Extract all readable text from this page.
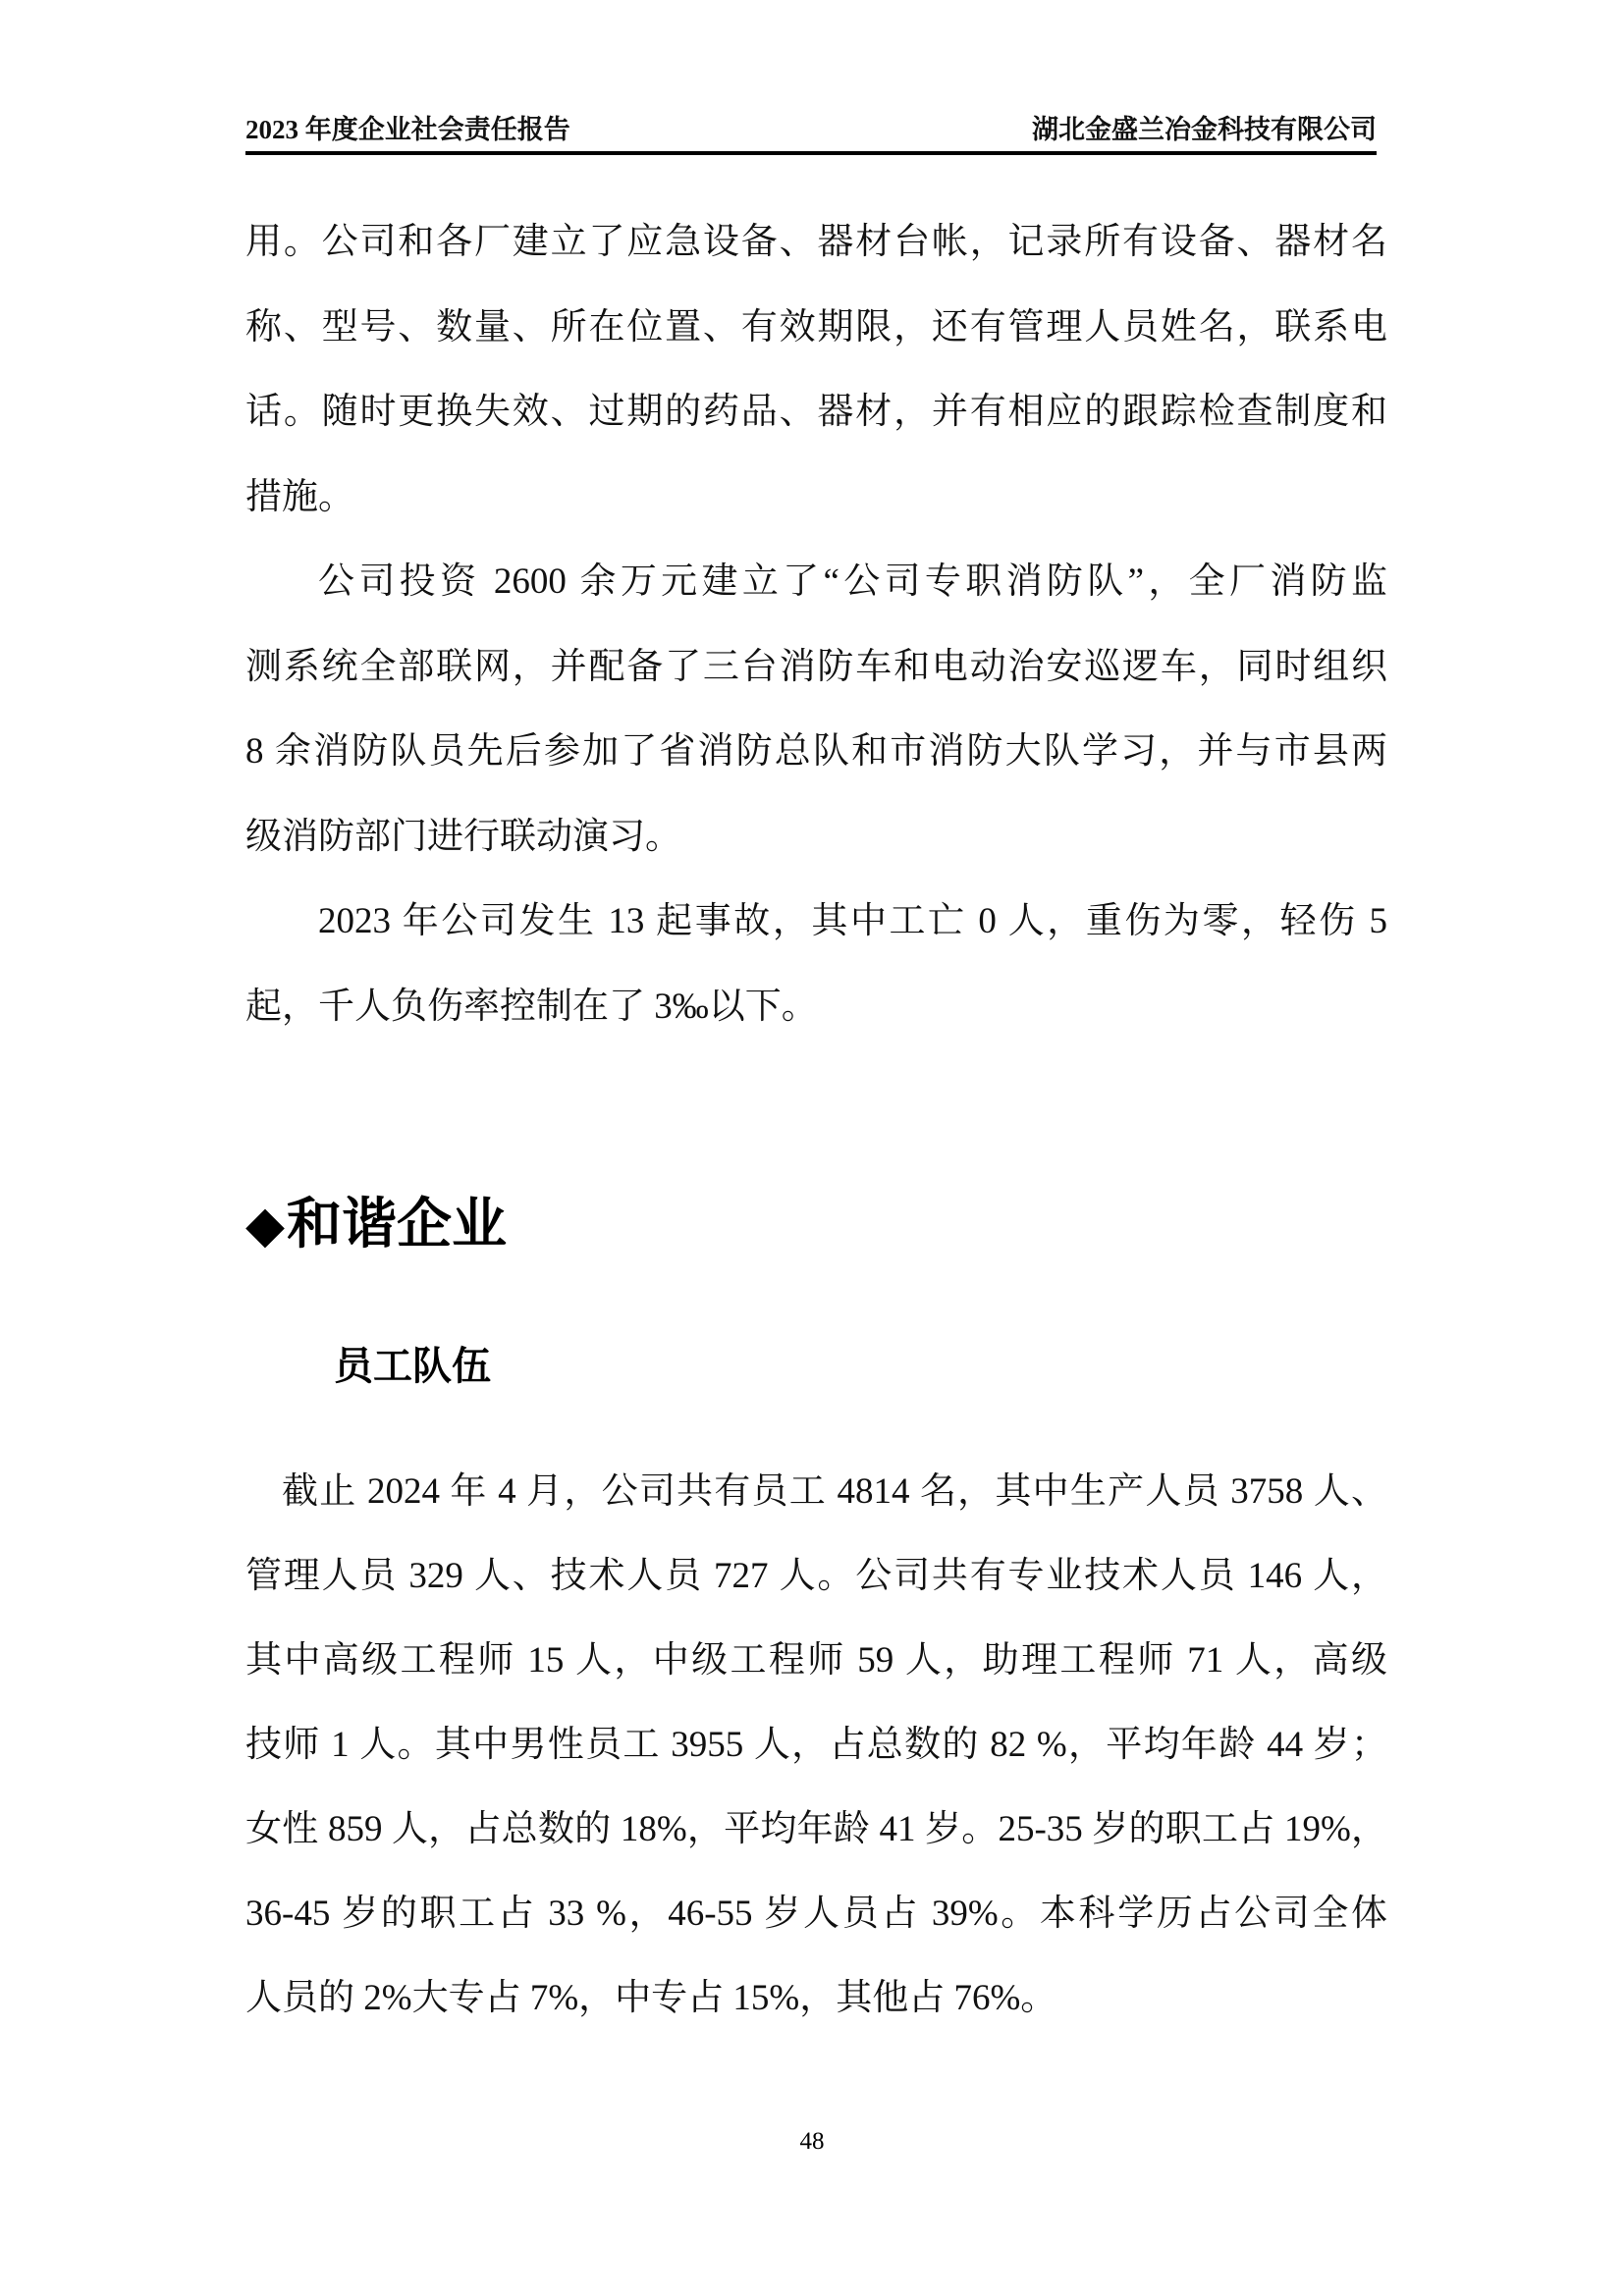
2023 年度企业社会责任报告	湖北金盛兰冶金科技有限公司
用。公司和各厂建立了应急设备、器材台帐，记录所有设备、器材名
称、型号、数量、所在位置、有效期限，还有管理人员姓名，联系电
话。随时更换失效、过期的药品、器材，并有相应的跟踪检查制度和
措施。
公司投资 2600 余万元建立了“公司专职消防队”，全厂消防监
测系统全部联网，并配备了三台消防车和电动治安巡逻车，同时组织
8 余消防队员先后参加了省消防总队和市消防大队学习，并与市县两
级消防部门进行联动演习。
2023 年公司发生 13 起事故，其中工亡 0 人，重伤为零，轻伤 5
起，千人负伤率控制在了 3‰以下。
◆和谐企业
员工队伍
截止 2024 年 4 月，公司共有员工 4814 名，其中生产人员 3758 人、
管理人员 329 人、技术人员 727 人。公司共有专业技术人员 146 人，
其中高级工程师 15 人，中级工程师 59 人，助理工程师 71 人，高级
技师 1 人。其中男性员工 3955 人，占总数的 82 %，平均年龄 44 岁；
女性 859 人，占总数的 18%，平均年龄 41 岁。25-35 岁的职工占 19%，
36-45 岁的职工占 33 %，46-55 岁人员占 39%。本科学历占公司全体
人员的 2%大专占 7%，中专占 15%，其他占 76%。
48
